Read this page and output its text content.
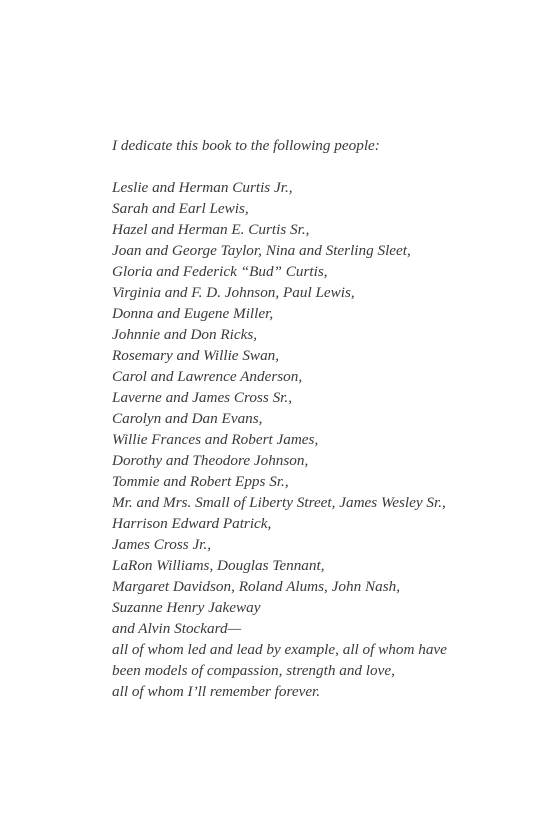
I dedicate this book to the following people:

Leslie and Herman Curtis Jr.,

Sarah and Earl Lewis,

Hazel and Herman E. Curtis Sr.,

Joan and George Taylor, Nina and Sterling Sleet,

Gloria and Federick “Bud” Curtis,

Virginia and F. D. Johnson, Paul Lewis,

Donna and Eugene Miller,

Johnnie and Don Ricks,

Rosemary and Willie Swan,

Carol and Lawrence Anderson,

Laverne and James Cross Sr.,

Carolyn and Dan Evans,

Willie Frances and Robert James,

Dorothy and Theodore Johnson,

Tommie and Robert Epps Sr.,

Mr. and Mrs. Small of Liberty Street, James Wesley Sr.,

Harrison Edward Patrick,

James Cross Jr.,

LaRon Williams, Douglas Tennant,

Margaret Davidson, Roland Alums, John Nash,

Suzanne Henry Jakeway

and Alvin Stockard—

all of whom led and lead by example, all of whom have

been models of compassion, strength and love,

all of whom I’ll remember forever.
